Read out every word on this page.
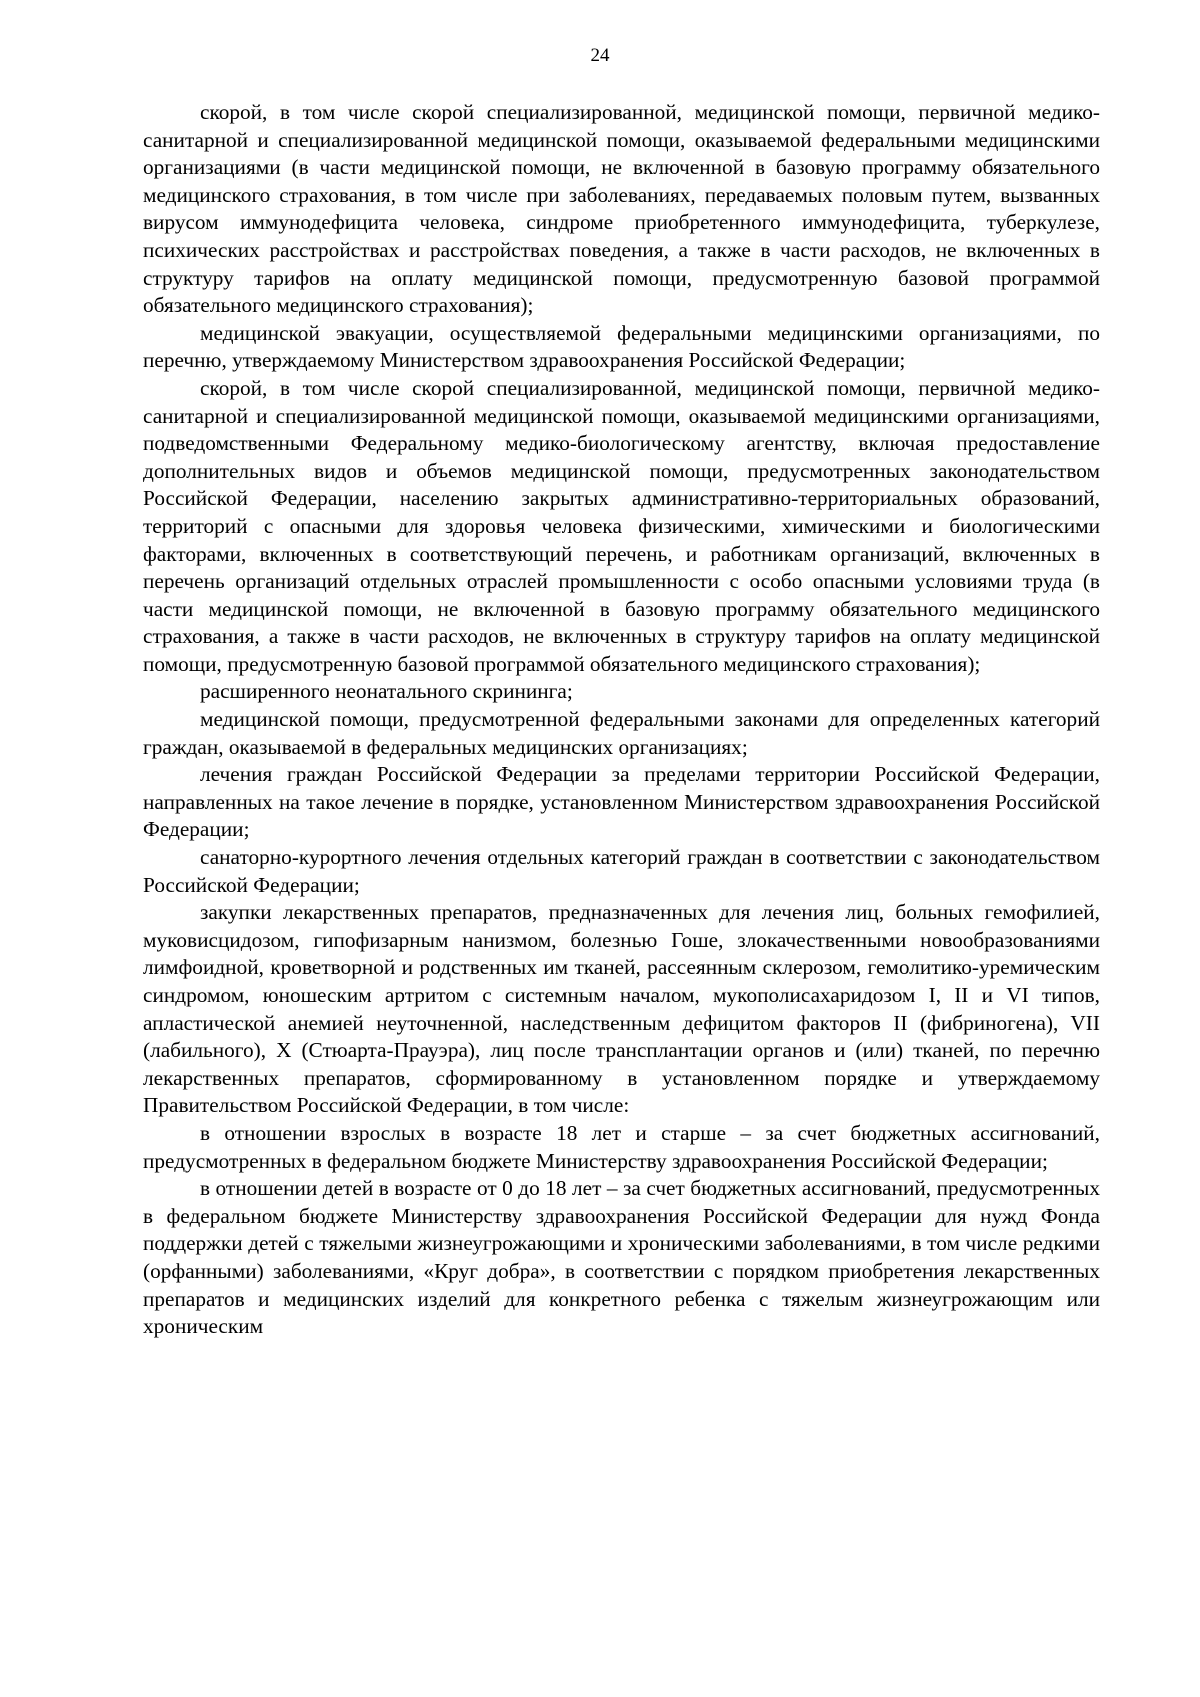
24

скорой, в том числе скорой специализированной, медицинской помощи, первичной медико-санитарной и специализированной медицинской помощи, оказываемой федеральными медицинскими организациями (в части медицинской помощи, не включенной в базовую программу обязательного медицинского страхования, в том числе при заболеваниях, передаваемых половым путем, вызванных вирусом иммунодефицита человека, синдроме приобретенного иммунодефицита, туберкулезе, психических расстройствах и расстройствах поведения, а также в части расходов, не включенных в структуру тарифов на оплату медицинской помощи, предусмотренную базовой программой обязательного медицинского страхования);

медицинской эвакуации, осуществляемой федеральными медицинскими организациями, по перечню, утверждаемому Министерством здравоохранения Российской Федерации;

скорой, в том числе скорой специализированной, медицинской помощи, первичной медико-санитарной и специализированной медицинской помощи, оказываемой медицинскими организациями, подведомственными Федеральному медико-биологическому агентству, включая предоставление дополнительных видов и объемов медицинской помощи, предусмотренных законодательством Российской Федерации, населению закрытых административно-территориальных образований, территорий с опасными для здоровья человека физическими, химическими и биологическими факторами, включенных в соответствующий перечень, и работникам организаций, включенных в перечень организаций отдельных отраслей промышленности с особо опасными условиями труда (в части медицинской помощи, не включенной в базовую программу обязательного медицинского страхования, а также в части расходов, не включенных в структуру тарифов на оплату медицинской помощи, предусмотренную базовой программой обязательного медицинского страхования);

расширенного неонатального скрининга;

медицинской помощи, предусмотренной федеральными законами для определенных категорий граждан, оказываемой в федеральных медицинских организациях;

лечения граждан Российской Федерации за пределами территории Российской Федерации, направленных на такое лечение в порядке, установленном Министерством здравоохранения Российской Федерации;

санаторно-курортного лечения отдельных категорий граждан в соответствии с законодательством Российской Федерации;

закупки лекарственных препаратов, предназначенных для лечения лиц, больных гемофилией, муковисцидозом, гипофизарным нанизмом, болезнью Гоше, злокачественными новообразованиями лимфоидной, кроветворной и родственных им тканей, рассеянным склерозом, гемолитико-уремическим синдромом, юношеским артритом с системным началом, мукополисахаридозом I, II и VI типов, апластической анемией неуточненной, наследственным дефицитом факторов II (фибриногена), VII (лабильного), X (Стюарта-Прауэра), лиц после трансплантации органов и (или) тканей, по перечню лекарственных препаратов, сформированному в установленном порядке и утверждаемому Правительством Российской Федерации, в том числе:

в отношении взрослых в возрасте 18 лет и старше – за счет бюджетных ассигнований, предусмотренных в федеральном бюджете Министерству здравоохранения Российской Федерации;

в отношении детей в возрасте от 0 до 18 лет – за счет бюджетных ассигнований, предусмотренных в федеральном бюджете Министерству здравоохранения Российской Федерации для нужд Фонда поддержки детей с тяжелыми жизнеугрожающими и хроническими заболеваниями, в том числе редкими (орфанными) заболеваниями, «Круг добра», в соответствии с порядком приобретения лекарственных препаратов и медицинских изделий для конкретного ребенка с тяжелым жизнеугрожающим или хроническим
